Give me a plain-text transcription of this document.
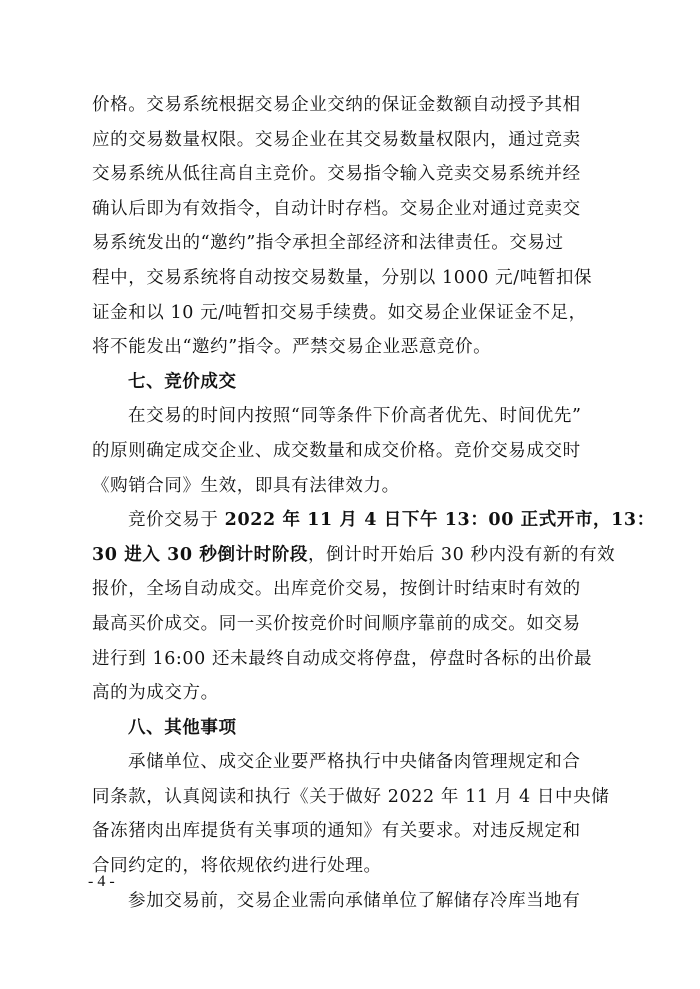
价格。交易系统根据交易企业交纳的保证金数额自动授予其相
应的交易数量权限。交易企业在其交易数量权限内，通过竞卖
交易系统从低往高自主竞价。交易指令输入竞卖交易系统并经
确认后即为有效指令，自动计时存档。交易企业对通过竞卖交
易系统发出的“邀约”指令承担全部经济和法律责任。交易过
程中，交易系统将自动按交易数量，分别以 1000 元/吨暂扣保
证金和以 10 元/吨暂扣交易手续费。如交易企业保证金不足，
将不能发出“邀约”指令。严禁交易企业恶意竞价。
七、竞价成交
在交易的时间内按照“同等条件下价高者优先、时间优先”
的原则确定成交企业、成交数量和成交价格。竞价交易成交时
《购销合同》生效，即具有法律效力。
竞价交易于 2022 年 11 月 4 日下午 13：00 正式开市，13：
30 进入 30 秒倒计时阶段，倒计时开始后 30 秒内没有新的有效
报价，全场自动成交。出库竞价交易，按倒计时结束时有效的
最高买价成交。同一买价按竞价时间顺序靠前的成交。如交易
进行到 16:00 还未最终自动成交将停盘，停盘时各标的出价最
高的为成交方。
八、其他事项
承储单位、成交企业要严格执行中央储备肉管理规定和合
同条款，认真阅读和执行《关于做好 2022 年 11 月 4 日中央储
备冻猪肉出库提货有关事项的通知》有关要求。对违反规定和
合同约定的，将依规依约进行处理。
参加交易前，交易企业需向承储单位了解储存冷库当地有
- 4 -
